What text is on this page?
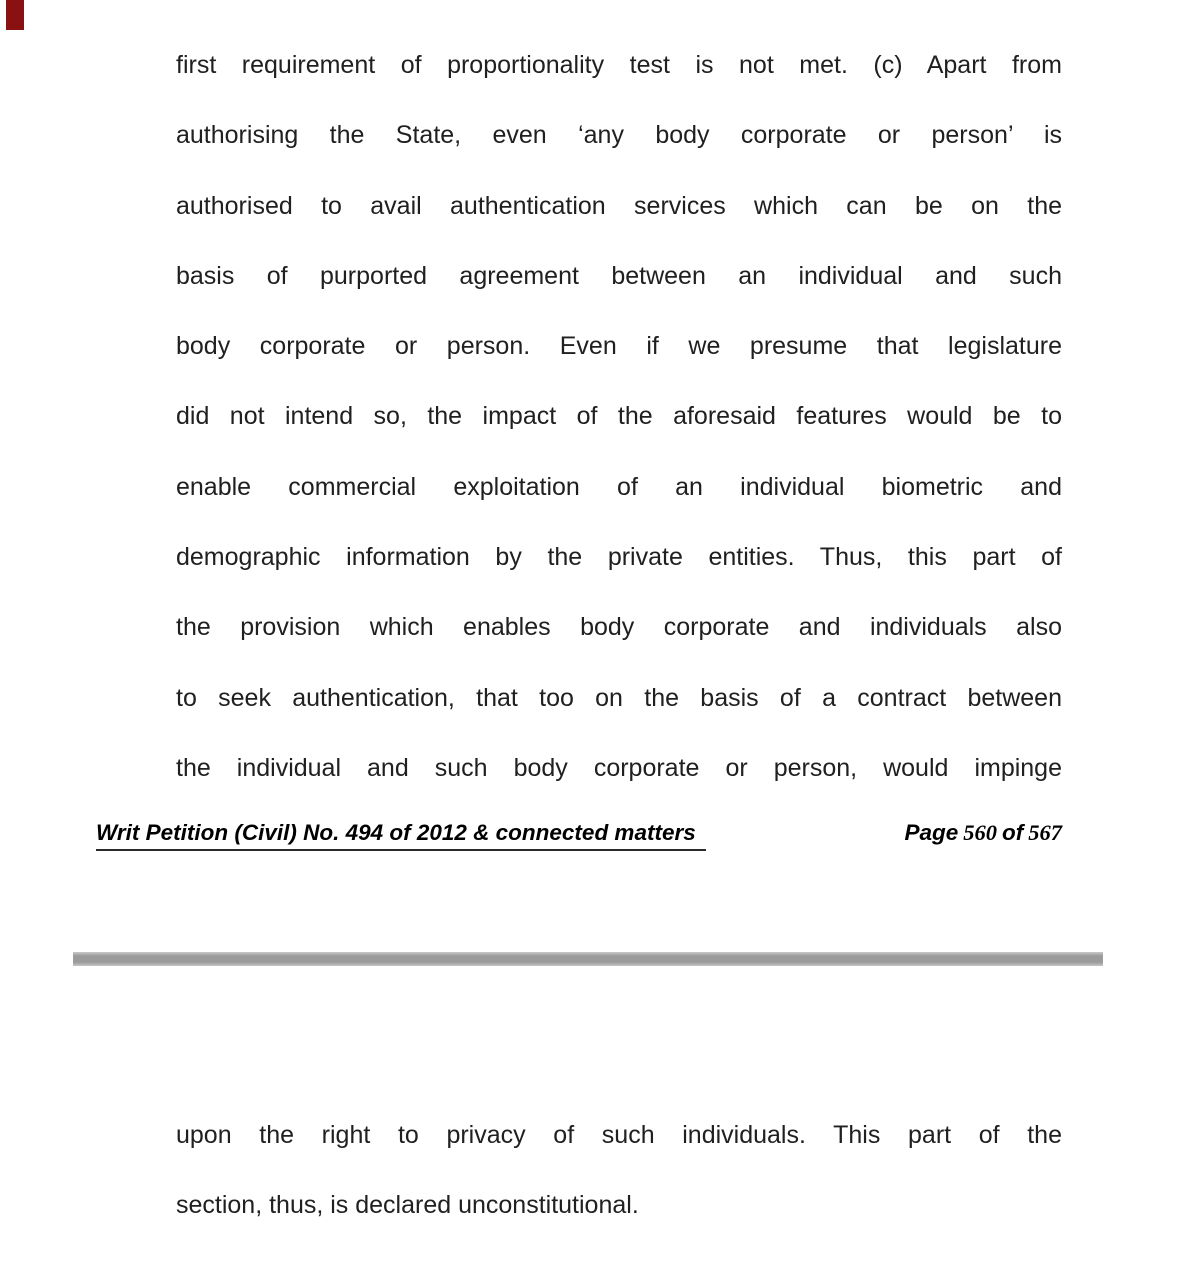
first requirement of proportionality test is not met. (c) Apart from
authorising the State, even ‘any body corporate or person’ is
authorised to avail authentication services which can be on the
basis of purported agreement between an individual and such
body corporate or person. Even if we presume that legislature
did not intend so, the impact of the aforesaid features would be to
enable commercial exploitation of an individual biometric and
demographic information by the private entities. Thus, this part of
the provision which enables body corporate and individuals also
to seek authentication, that too on the basis of a contract between
the individual and such body corporate or person, would impinge
Writ Petition (Civil) No. 494 of 2012 & connected matters	Page 560 of 567
upon the right to privacy of such individuals. This part of the
section, thus, is declared unconstitutional.
